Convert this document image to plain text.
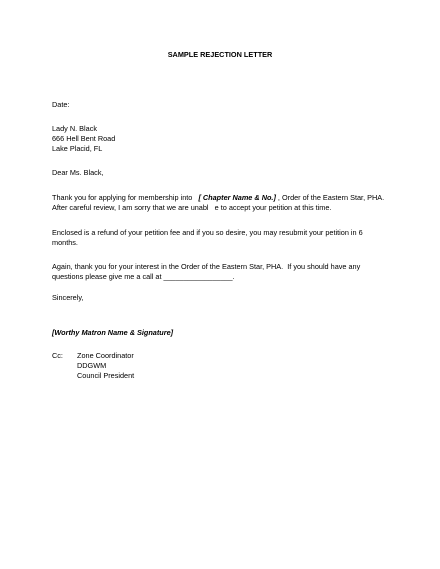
SAMPLE REJECTION LETTER
Date:
Lady N. Black
666 Hell Bent Road
Lake Placid, FL
Dear Ms. Black,
Thank you for applying for membership into [ Chapter Name & No.] , Order of the Eastern Star, PHA.
After careful review, I am sorry that we are unabl   e to accept your petition at this time.
Enclosed is a refund of your petition fee and if you so desire, you may resubmit your petition in 6
months.
Again, thank you for your interest in the Order of the Eastern Star, PHA.  If you should have any
questions please give me a call at _________________.
Sincerely,
[Worthy Matron Name & Signature]
Cc: Zone Coordinator
DDGWM
Council President
